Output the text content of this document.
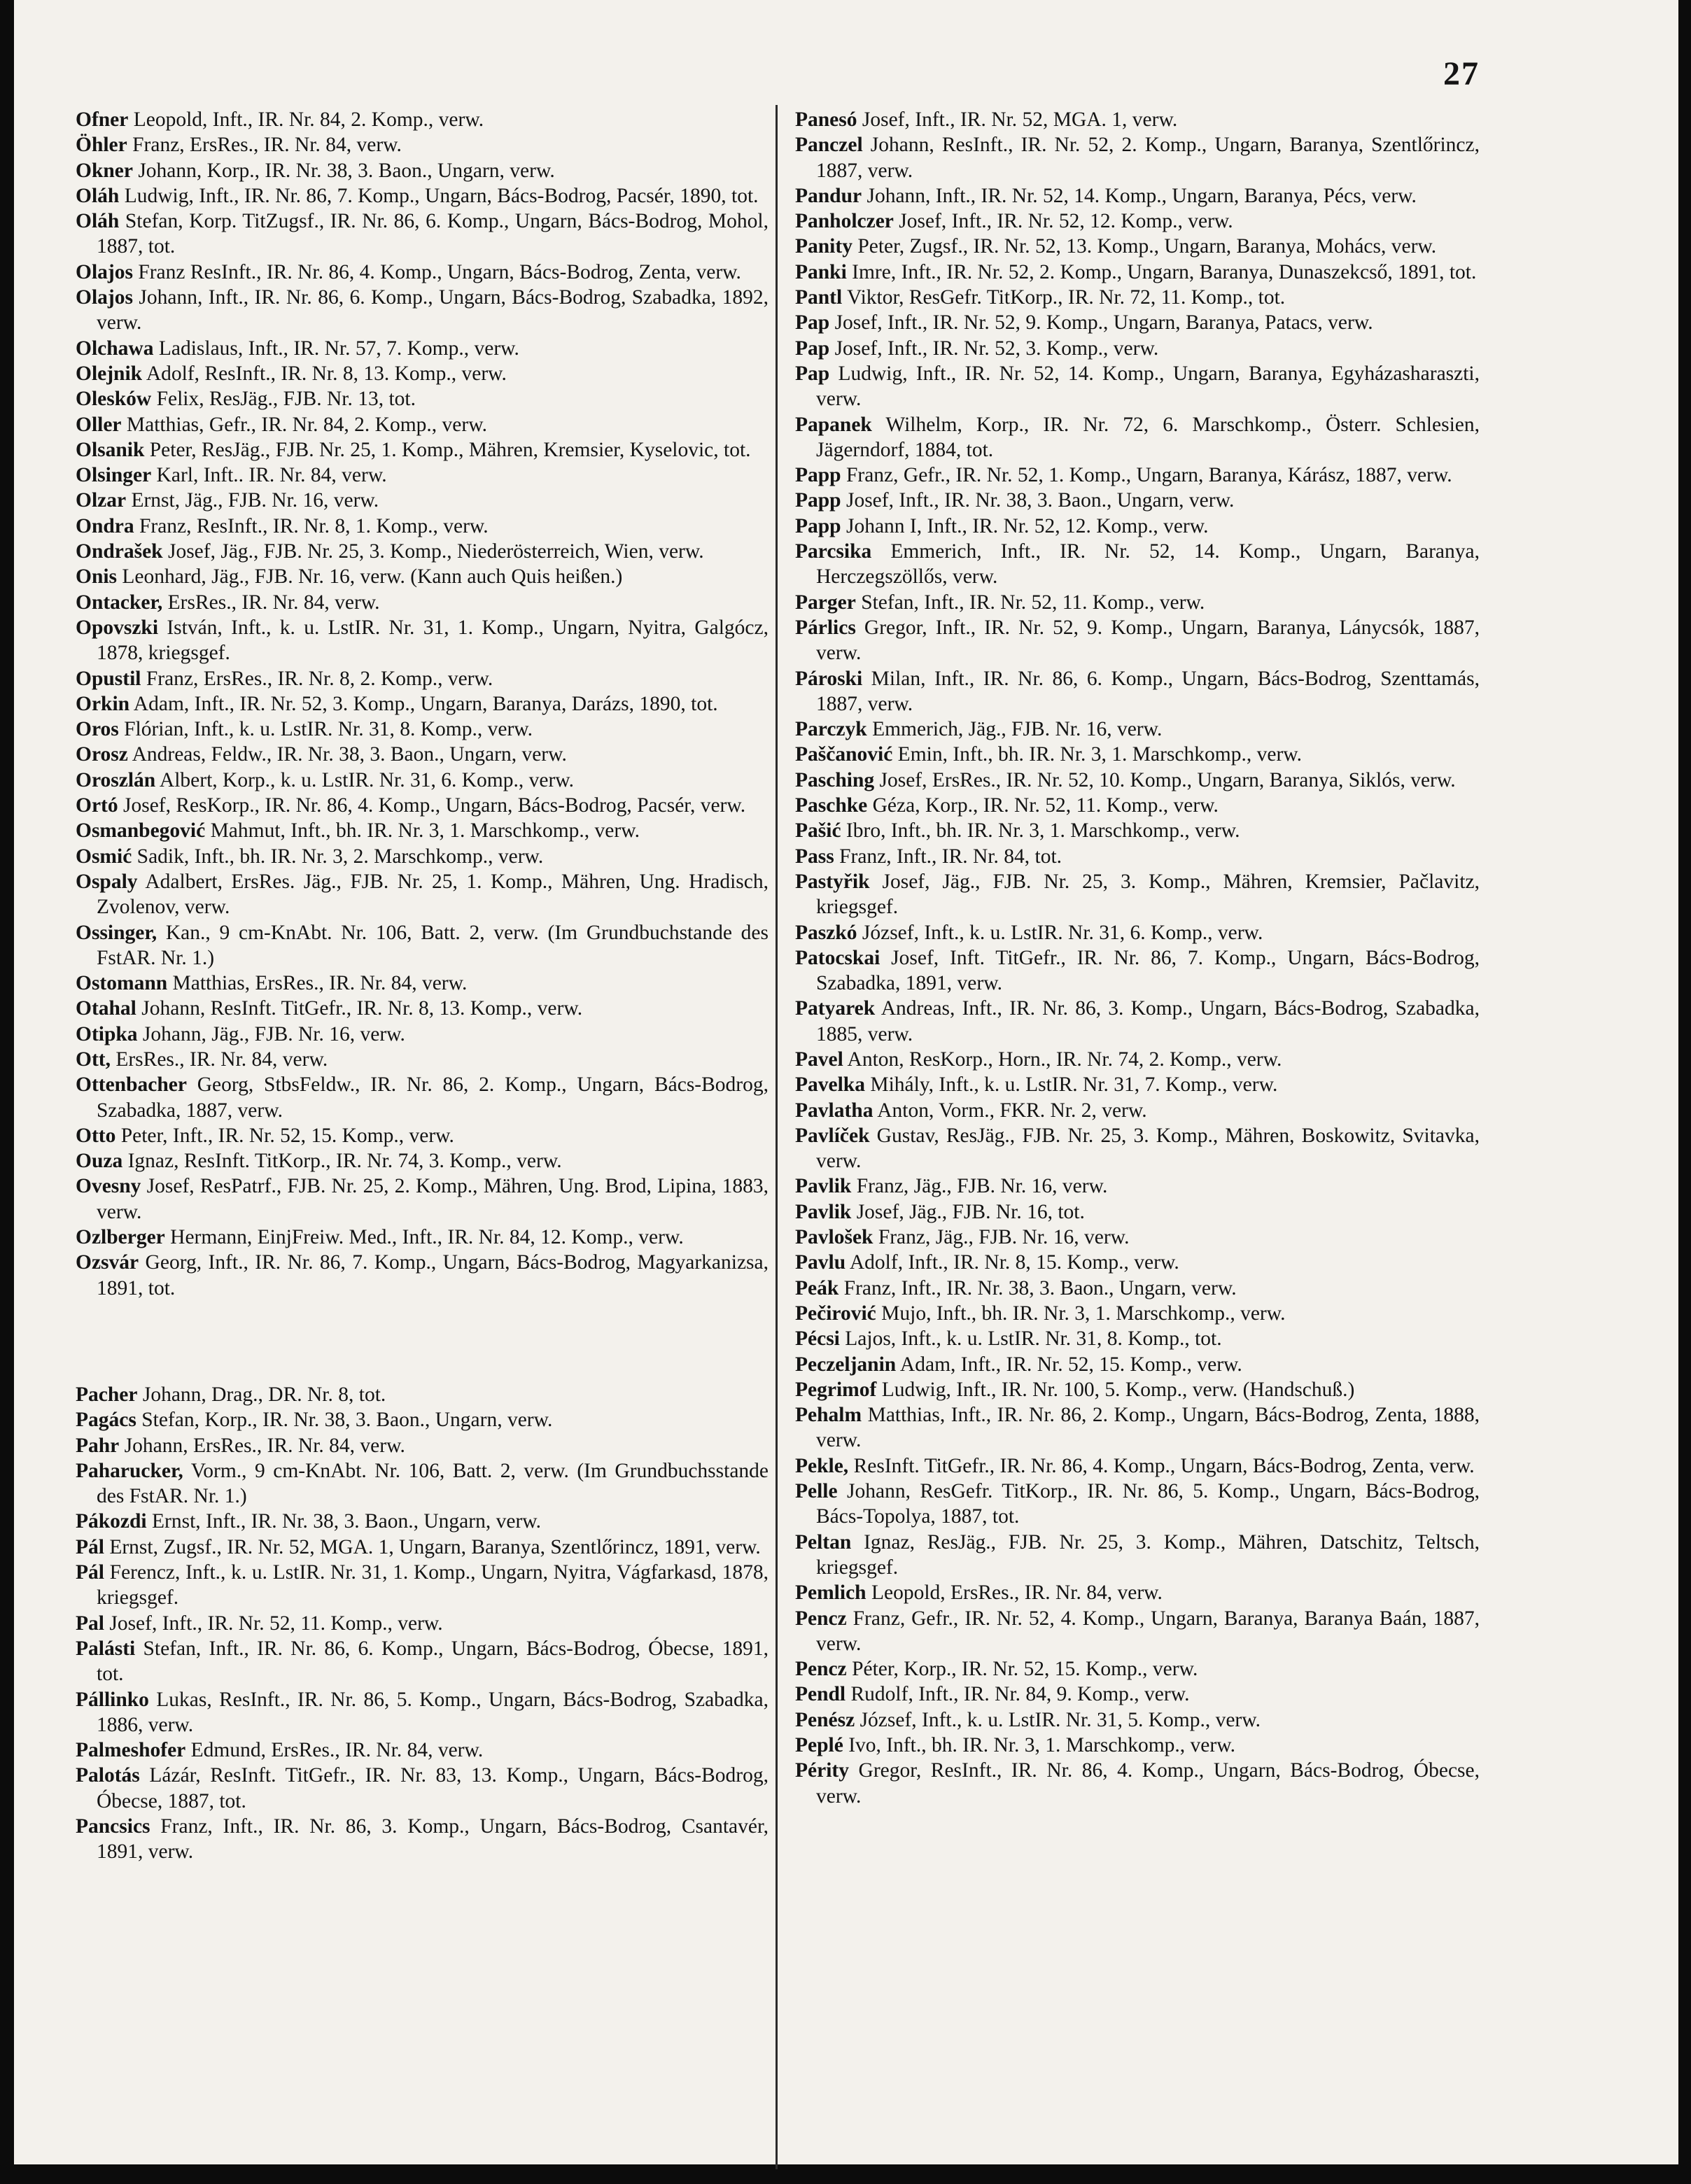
27

Ofner Leopold, Inft., IR. Nr. 84, 2. Komp., verw.

Öhler Franz, ErsRes., IR. Nr. 84, verw.

Okner Johann, Korp., IR. Nr. 38, 3. Baon., Ungarn, verw.

Oláh Ludwig, Inft., IR. Nr. 86, 7. Komp., Ungarn, Bács-Bodrog, Pacsér, 1890, tot.

Oláh Stefan, Korp. TitZugsf., IR. Nr. 86, 6. Komp., Ungarn, Bács-Bodrog, Mohol, 1887, tot.

Olajos Franz ResInft., IR. Nr. 86, 4. Komp., Ungarn, Bács-Bodrog, Zenta, verw.

Olajos Johann, Inft., IR. Nr. 86, 6. Komp., Ungarn, Bács-Bodrog, Szabadka, 1892, verw.

Olchawa Ladislaus, Inft., IR. Nr. 57, 7. Komp., verw.

Olejnik Adolf, ResInft., IR. Nr. 8, 13. Komp., verw.

Olesków Felix, ResJäg., FJB. Nr. 13, tot.

Oller Matthias, Gefr., IR. Nr. 84, 2. Komp., verw.

Olsanik Peter, ResJäg., FJB. Nr. 25, 1. Komp., Mähren, Kremsier, Kyselovic, tot.

Olsinger Karl, Inft.. IR. Nr. 84, verw.

Olzar Ernst, Jäg., FJB. Nr. 16, verw.

Ondra Franz, ResInft., IR. Nr. 8, 1. Komp., verw.

Ondrašek Josef, Jäg., FJB. Nr. 25, 3. Komp., Niederösterreich, Wien, verw.

Onis Leonhard, Jäg., FJB. Nr. 16, verw. (Kann auch Quis heißen.)

Ontacker, ErsRes., IR. Nr. 84, verw.

Opovszki István, Inft., k. u. LstIR. Nr. 31, 1. Komp., Ungarn, Nyitra, Galgócz, 1878, kriegsgef.

Opustil Franz, ErsRes., IR. Nr. 8, 2. Komp., verw.

Orkin Adam, Inft., IR. Nr. 52, 3. Komp., Ungarn, Baranya, Darázs, 1890, tot.

Oros Flórian, Inft., k. u. LstIR. Nr. 31, 8. Komp., verw.

Orosz Andreas, Feldw., IR. Nr. 38, 3. Baon., Ungarn, verw.

Oroszlán Albert, Korp., k. u. LstIR. Nr. 31, 6. Komp., verw.

Ortó Josef, ResKorp., IR. Nr. 86, 4. Komp., Ungarn, Bács-Bodrog, Pacsér, verw.

Osmanbegović Mahmut, Inft., bh. IR. Nr. 3, 1. Marschkomp., verw.

Osmić Sadik, Inft., bh. IR. Nr. 3, 2. Marschkomp., verw.

Ospaly Adalbert, ErsRes. Jäg., FJB. Nr. 25, 1. Komp., Mähren, Ung. Hradisch, Zvolenov, verw.

Ossinger, Kan., 9 cm-KnAbt. Nr. 106, Batt. 2, verw. (Im Grundbuchstande des FstAR. Nr. 1.)

Ostomann Matthias, ErsRes., IR. Nr. 84, verw.

Otahal Johann, ResInft. TitGefr., IR. Nr. 8, 13. Komp., verw.

Otipka Johann, Jäg., FJB. Nr. 16, verw.

Ott, ErsRes., IR. Nr. 84, verw.

Ottenbacher Georg, StbsFeldw., IR. Nr. 86, 2. Komp., Ungarn, Bács-Bodrog, Szabadka, 1887, verw.

Otto Peter, Inft., IR. Nr. 52, 15. Komp., verw.

Ouza Ignaz, ResInft. TitKorp., IR. Nr. 74, 3. Komp., verw.

Ovesny Josef, ResPatrf., FJB. Nr. 25, 2. Komp., Mähren, Ung. Brod, Lipina, 1883, verw.

Ozlberger Hermann, EinjFreiw. Med., Inft., IR. Nr. 84, 12. Komp., verw.

Ozsvár Georg, Inft., IR. Nr. 86, 7. Komp., Ungarn, Bács-Bodrog, Magyarkanizsa, 1891, tot.

Pacher Johann, Drag., DR. Nr. 8, tot.

Pagács Stefan, Korp., IR. Nr. 38, 3. Baon., Ungarn, verw.

Pahr Johann, ErsRes., IR. Nr. 84, verw.

Paharucker, Vorm., 9 cm-KnAbt. Nr. 106, Batt. 2, verw. (Im Grundbuchsstande des FstAR. Nr. 1.)

Pákozdi Ernst, Inft., IR. Nr. 38, 3. Baon., Ungarn, verw.

Pál Ernst, Zugsf., IR. Nr. 52, MGA. 1, Ungarn, Baranya, Szentlőrincz, 1891, verw.

Pál Ferencz, Inft., k. u. LstIR. Nr. 31, 1. Komp., Ungarn, Nyitra, Vágfarkasd, 1878, kriegsgef.

Pal Josef, Inft., IR. Nr. 52, 11. Komp., verw.

Palásti Stefan, Inft., IR. Nr. 86, 6. Komp., Ungarn, Bács-Bodrog, Óbecse, 1891, tot.

Pállinko Lukas, ResInft., IR. Nr. 86, 5. Komp., Ungarn, Bács-Bodrog, Szabadka, 1886, verw.

Palmeshofer Edmund, ErsRes., IR. Nr. 84, verw.

Palotás Lázár, ResInft. TitGefr., IR. Nr. 83, 13. Komp., Ungarn, Bács-Bodrog, Óbecse, 1887, tot.

Pancsics Franz, Inft., IR. Nr. 86, 3. Komp., Ungarn, Bács-Bodrog, Csantavér, 1891, verw.

Panesó Josef, Inft., IR. Nr. 52, MGA. 1, verw.

Panczel Johann, ResInft., IR. Nr. 52, 2. Komp., Ungarn, Baranya, Szentlőrincz, 1887, verw.

Pandur Johann, Inft., IR. Nr. 52, 14. Komp., Ungarn, Baranya, Pécs, verw.

Panholczer Josef, Inft., IR. Nr. 52, 12. Komp., verw.

Panity Peter, Zugsf., IR. Nr. 52, 13. Komp., Ungarn, Baranya, Mohács, verw.

Panki Imre, Inft., IR. Nr. 52, 2. Komp., Ungarn, Baranya, Dunaszekcső, 1891, tot.

Pantl Viktor, ResGefr. TitKorp., IR. Nr. 72, 11. Komp., tot.

Pap Josef, Inft., IR. Nr. 52, 9. Komp., Ungarn, Baranya, Patacs, verw.

Pap Josef, Inft., IR. Nr. 52, 3. Komp., verw.

Pap Ludwig, Inft., IR. Nr. 52, 14. Komp., Ungarn, Baranya, Egyházasharaszti, verw.

Papanek Wilhelm, Korp., IR. Nr. 72, 6. Marschkomp., Österr. Schlesien, Jägerndorf, 1884, tot.

Papp Franz, Gefr., IR. Nr. 52, 1. Komp., Ungarn, Baranya, Kárász, 1887, verw.

Papp Josef, Inft., IR. Nr. 38, 3. Baon., Ungarn, verw.

Papp Johann I, Inft., IR. Nr. 52, 12. Komp., verw.

Parcsika Emmerich, Inft., IR. Nr. 52, 14. Komp., Ungarn, Baranya, Herczegszöllős, verw.

Parger Stefan, Inft., IR. Nr. 52, 11. Komp., verw.

Párlics Gregor, Inft., IR. Nr. 52, 9. Komp., Ungarn, Baranya, Lánycsók, 1887, verw.

Pároski Milan, Inft., IR. Nr. 86, 6. Komp., Ungarn, Bács-Bodrog, Szenttamás, 1887, verw.

Parczyk Emmerich, Jäg., FJB. Nr. 16, verw.

Paščanović Emin, Inft., bh. IR. Nr. 3, 1. Marschkomp., verw.

Pasching Josef, ErsRes., IR. Nr. 52, 10. Komp., Ungarn, Baranya, Siklós, verw.

Paschke Géza, Korp., IR. Nr. 52, 11. Komp., verw.

Pašić Ibro, Inft., bh. IR. Nr. 3, 1. Marschkomp., verw.

Pass Franz, Inft., IR. Nr. 84, tot.

Pastyřik Josef, Jäg., FJB. Nr. 25, 3. Komp., Mähren, Kremsier, Pačlavitz, kriegsgef.

Paszkó József, Inft., k. u. LstIR. Nr. 31, 6. Komp., verw.

Patocskai Josef, Inft. TitGefr., IR. Nr. 86, 7. Komp., Ungarn, Bács-Bodrog, Szabadka, 1891, verw.

Patyarek Andreas, Inft., IR. Nr. 86, 3. Komp., Ungarn, Bács-Bodrog, Szabadka, 1885, verw.

Pavel Anton, ResKorp., Horn., IR. Nr. 74, 2. Komp., verw.

Pavelka Mihály, Inft., k. u. LstIR. Nr. 31, 7. Komp., verw.

Pavlatha Anton, Vorm., FKR. Nr. 2, verw.

Pavlíček Gustav, ResJäg., FJB. Nr. 25, 3. Komp., Mähren, Boskowitz, Svitavka, verw.

Pavlik Franz, Jäg., FJB. Nr. 16, verw.

Pavlik Josef, Jäg., FJB. Nr. 16, tot.

Pavlošek Franz, Jäg., FJB. Nr. 16, verw.

Pavlu Adolf, Inft., IR. Nr. 8, 15. Komp., verw.

Peák Franz, Inft., IR. Nr. 38, 3. Baon., Ungarn, verw.

Pečirović Mujo, Inft., bh. IR. Nr. 3, 1. Marschkomp., verw.

Pécsi Lajos, Inft., k. u. LstIR. Nr. 31, 8. Komp., tot.

Peczeljanin Adam, Inft., IR. Nr. 52, 15. Komp., verw.

Pegrimof Ludwig, Inft., IR. Nr. 100, 5. Komp., verw. (Handschuß.)

Pehalm Matthias, Inft., IR. Nr. 86, 2. Komp., Ungarn, Bács-Bodrog, Zenta, 1888, verw.

Pekle, ResInft. TitGefr., IR. Nr. 86, 4. Komp., Ungarn, Bács-Bodrog, Zenta, verw.

Pelle Johann, ResGefr. TitKorp., IR. Nr. 86, 5. Komp., Ungarn, Bács-Bodrog, Bács-Topolya, 1887, tot.

Peltan Ignaz, ResJäg., FJB. Nr. 25, 3. Komp., Mähren, Datschitz, Teltsch, kriegsgef.

Pemlich Leopold, ErsRes., IR. Nr. 84, verw.

Pencz Franz, Gefr., IR. Nr. 52, 4. Komp., Ungarn, Baranya, Baranya Baán, 1887, verw.

Pencz Péter, Korp., IR. Nr. 52, 15. Komp., verw.

Pendl Rudolf, Inft., IR. Nr. 84, 9. Komp., verw.

Penész József, Inft., k. u. LstIR. Nr. 31, 5. Komp., verw.

Peplé Ivo, Inft., bh. IR. Nr. 3, 1. Marschkomp., verw.

Périty Gregor, ResInft., IR. Nr. 86, 4. Komp., Ungarn, Bács-Bodrog, Óbecse, verw.
